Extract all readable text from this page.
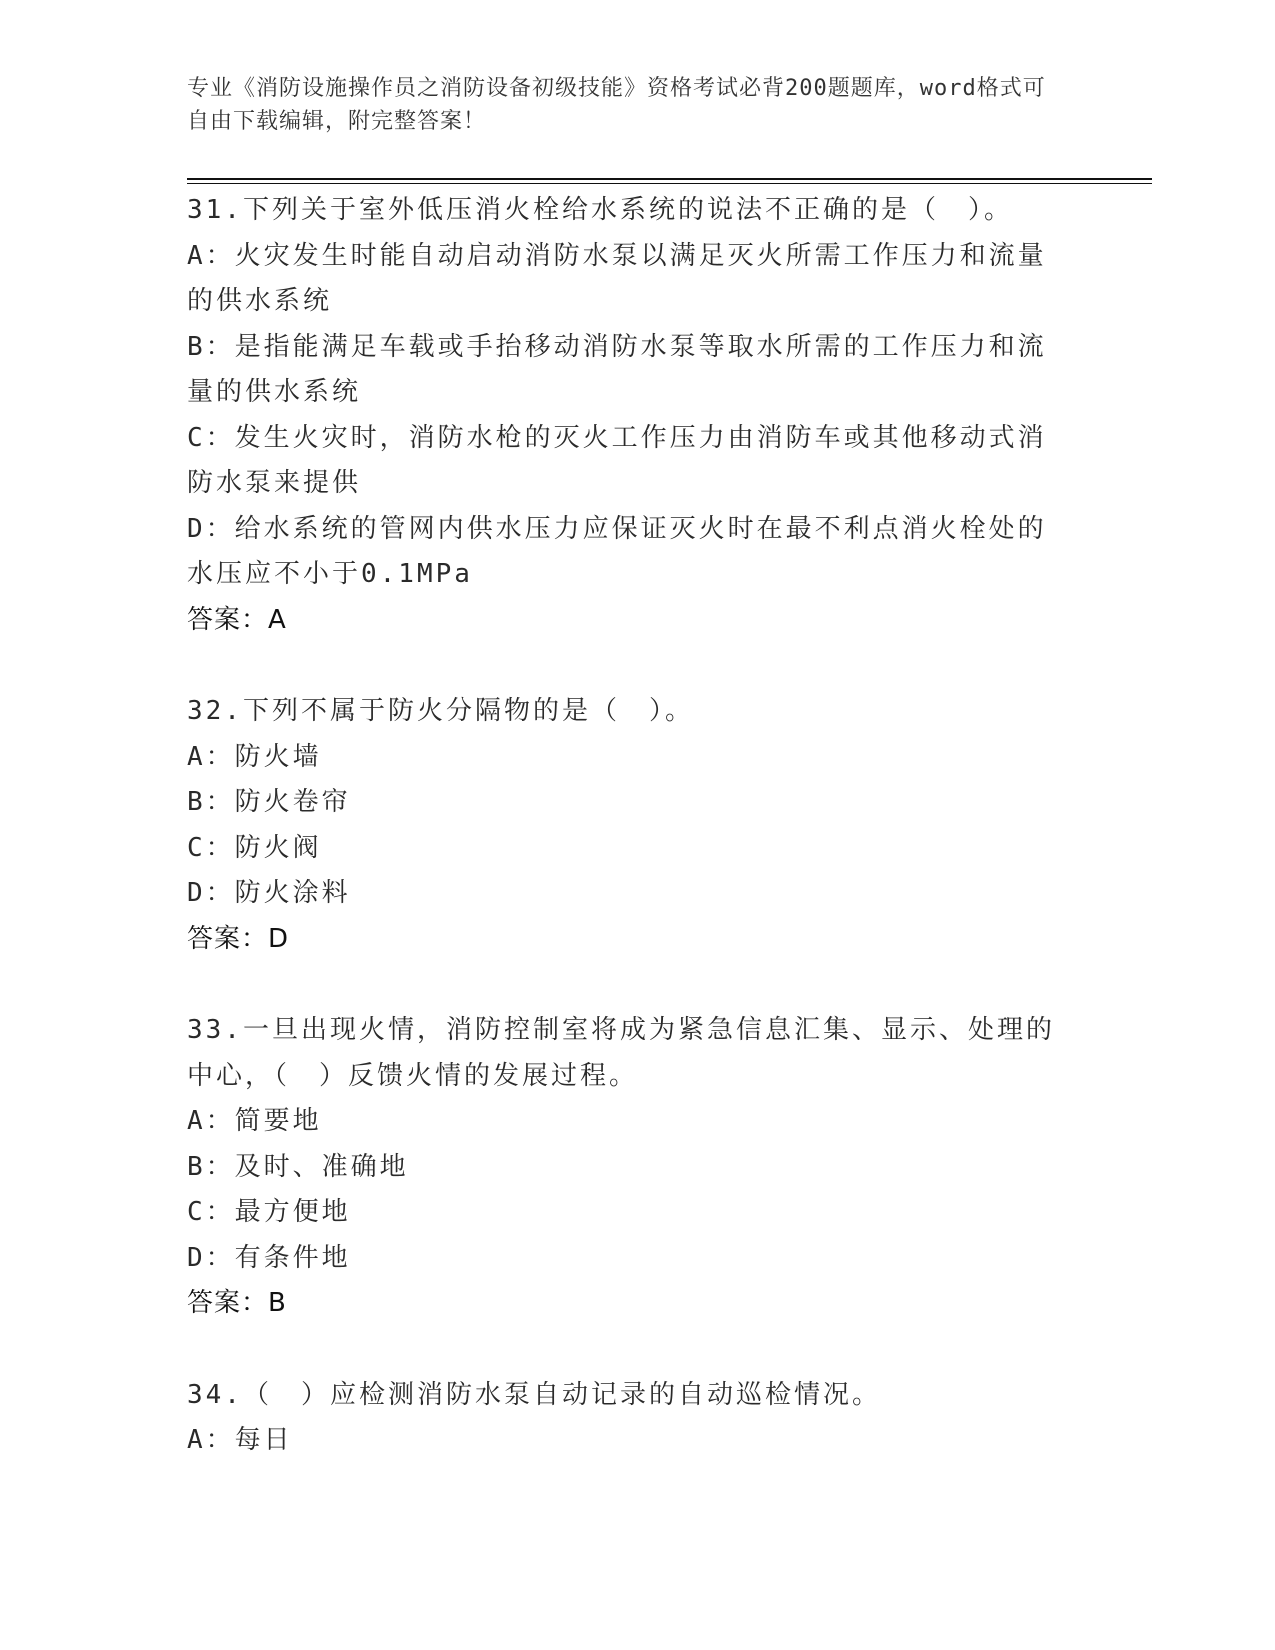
专业《消防设施操作员之消防设备初级技能》资格考试必背200题题库，word格式可自由下载编辑，附完整答案！
31.下列关于室外低压消火栓给水系统的说法不正确的是（　）。
A：火灾发生时能自动启动消防水泵以满足灭火所需工作压力和流量的供水系统
B：是指能满足车载或手抬移动消防水泵等取水所需的工作压力和流量的供水系统
C：发生火灾时，消防水枪的灭火工作压力由消防车或其他移动式消防水泵来提供
D：给水系统的管网内供水压力应保证灭火时在最不利点消火栓处的水压应不小于0.1MPa
答案：A
32.下列不属于防火分隔物的是（　）。
A：防火墙
B：防火卷帘
C：防火阀
D：防火涂料
答案：D
33.一旦出现火情，消防控制室将成为紧急信息汇集、显示、处理的中心，（　）反馈火情的发展过程。
A：简要地
B：及时、准确地
C：最方便地
D：有条件地
答案：B
34.（　）应检测消防水泵自动记录的自动巡检情况。
A：每日
